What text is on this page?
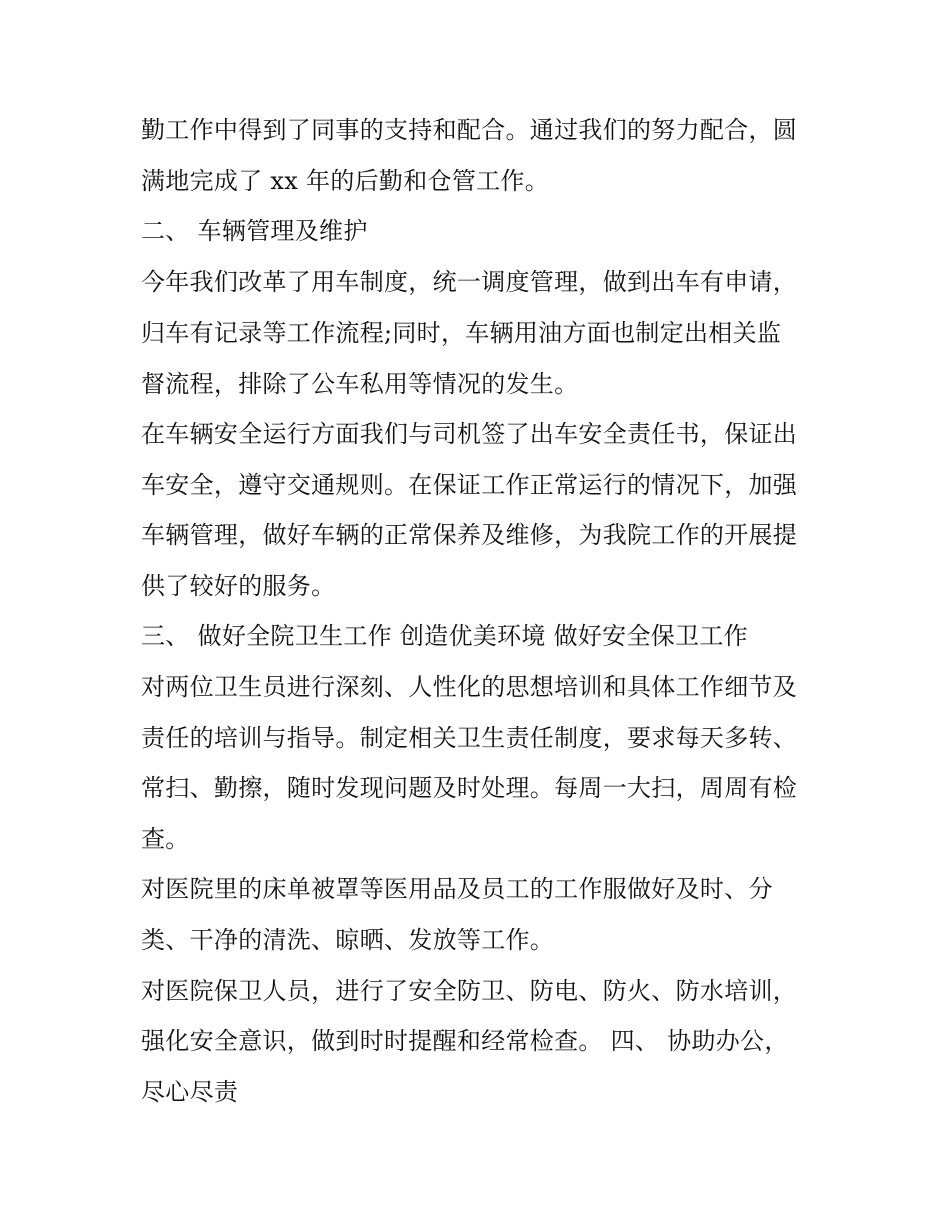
勤工作中得到了同事的支持和配合。通过我们的努力配合，圆
满地完成了 xx 年的后勤和仓管工作。
二、 车辆管理及维护
今年我们改革了用车制度，统一调度管理，做到出车有申请，
归车有记录等工作流程;同时，车辆用油方面也制定出相关监
督流程，排除了公车私用等情况的发生。
在车辆安全运行方面我们与司机签了出车安全责任书，保证出
车安全，遵守交通规则。在保证工作正常运行的情况下，加强
车辆管理，做好车辆的正常保养及维修，为我院工作的开展提
供了较好的服务。
三、 做好全院卫生工作 创造优美环境 做好安全保卫工作
对两位卫生员进行深刻、人性化的思想培训和具体工作细节及
责任的培训与指导。制定相关卫生责任制度，要求每天多转、
常扫、勤擦，随时发现问题及时处理。每周一大扫，周周有检
查。
对医院里的床单被罩等医用品及员工的工作服做好及时、分
类、干净的清洗、晾晒、发放等工作。
对医院保卫人员，进行了安全防卫、防电、防火、防水培训，
强化安全意识，做到时时提醒和经常检查。 四、 协助办公，
尽心尽责
